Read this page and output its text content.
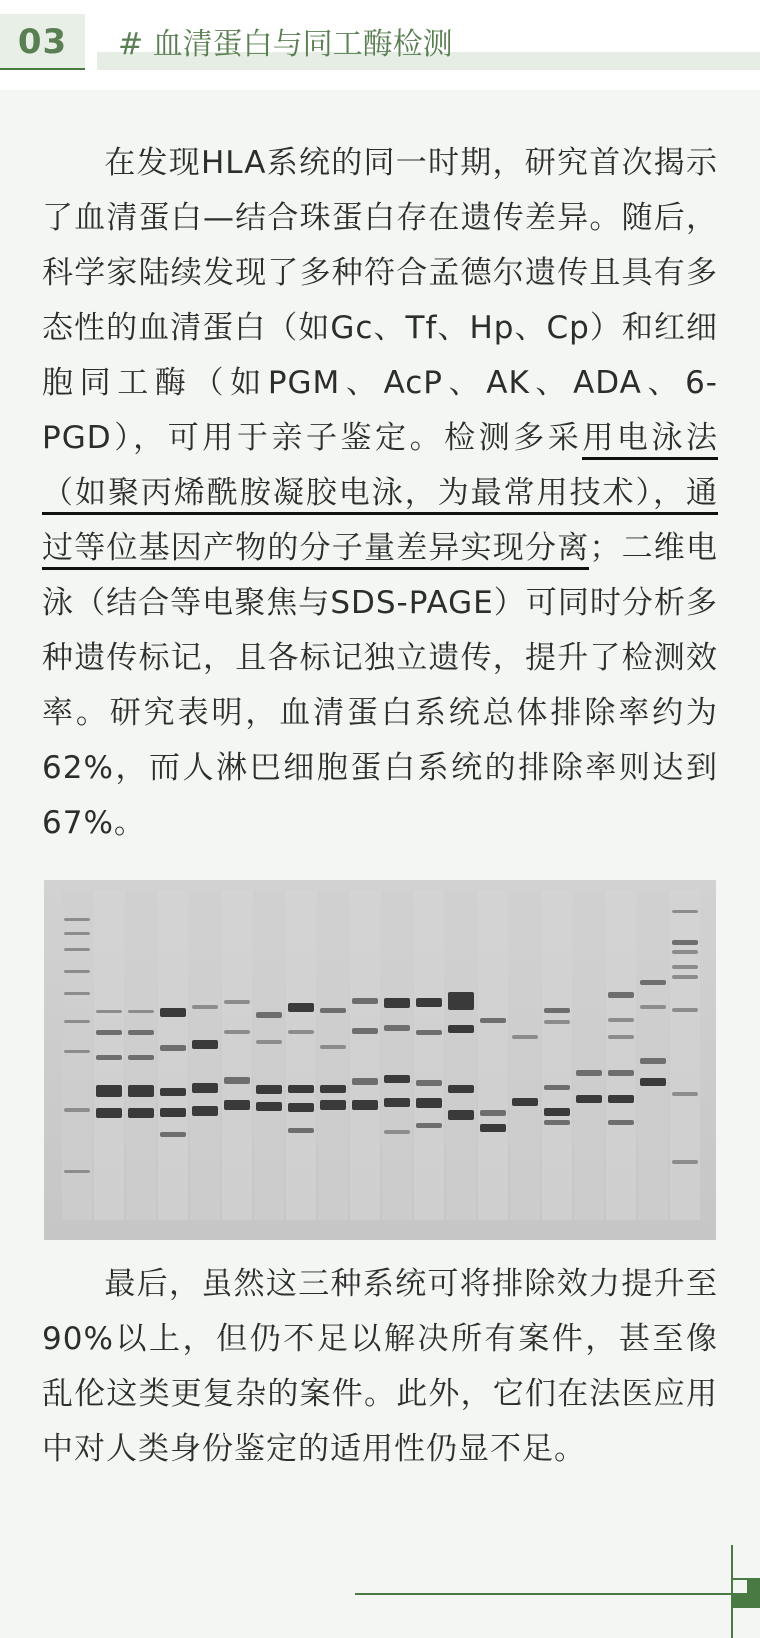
03	# 血清蛋白与同工酶检测
在发现HLA系统的同一时期，研究首次揭示了血清蛋白—结合珠蛋白存在遗传差异。随后，科学家陆续发现了多种符合孟德尔遗传且具有多态性的血清蛋白（如Gc、Tf、Hp、Cp）和红细胞同工酶（如PGM、AcP、AK、ADA、6-PGD），可用于亲子鉴定。检测多采用电泳法（如聚丙烯酰胺凝胶电泳，为最常用技术），通过等位基因产物的分子量差异实现分离；二维电泳（结合等电聚焦与SDS-PAGE）可同时分析多种遗传标记，且各标记独立遗传，提升了检测效率。研究表明，血清蛋白系统总体排除率约为62%，而人淋巴细胞蛋白系统的排除率则达到67%。
最后，虽然这三种系统可将排除效力提升至90%以上，但仍不足以解决所有案件，甚至像乱伦这类更复杂的案件。此外，它们在法医应用中对人类身份鉴定的适用性仍显不足。
